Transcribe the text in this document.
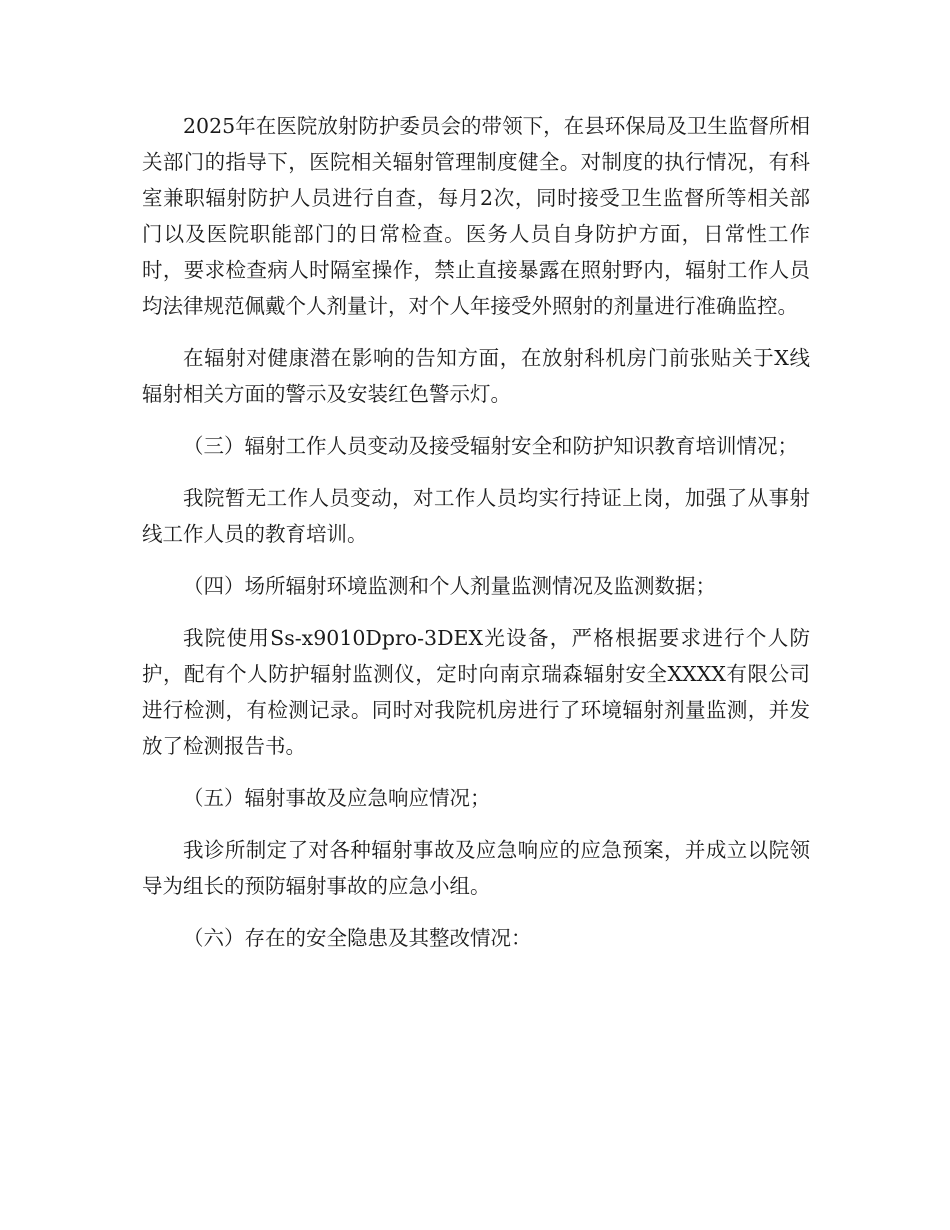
2025年在医院放射防护委员会的带领下，在县环保局及卫生监督所相关部门的指导下，医院相关辐射管理制度健全。对制度的执行情况，有科室兼职辐射防护人员进行自查，每月2次，同时接受卫生监督所等相关部门以及医院职能部门的日常检查。医务人员自身防护方面，日常性工作时，要求检查病人时隔室操作，禁止直接暴露在照射野内，辐射工作人员均法律规范佩戴个人剂量计，对个人年接受外照射的剂量进行准确监控。

在辐射对健康潜在影响的告知方面，在放射科机房门前张贴关于X线辐射相关方面的警示及安装红色警示灯。

（三）辐射工作人员变动及接受辐射安全和防护知识教育培训情况；

我院暂无工作人员变动，对工作人员均实行持证上岗，加强了从事射线工作人员的教育培训。

（四）场所辐射环境监测和个人剂量监测情况及监测数据；

我院使用Ss-x9010Dpro-3DEX光设备，严格根据要求进行个人防护，配有个人防护辐射监测仪，定时向南京瑞森辐射安全XXXX有限公司进行检测，有检测记录。同时对我院机房进行了环境辐射剂量监测，并发放了检测报告书。

（五）辐射事故及应急响应情况；

我诊所制定了对各种辐射事故及应急响应的应急预案，并成立以院领导为组长的预防辐射事故的应急小组。

（六）存在的安全隐患及其整改情况：
